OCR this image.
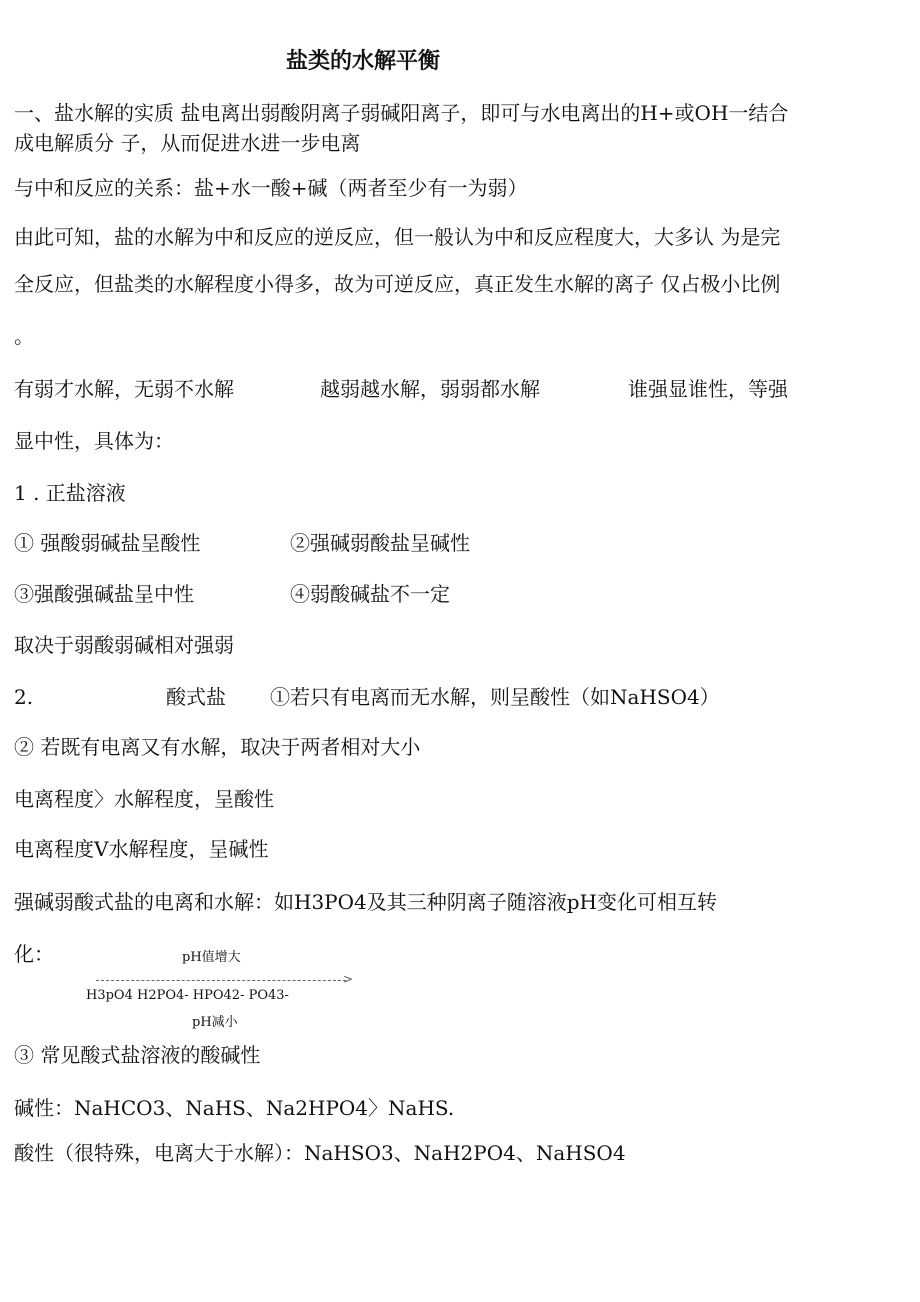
盐类的水解平衡
一、盐水解的实质 盐电离出弱酸阴离子弱碱阳离子，即可与水电离出的H+或OH一结合
成电解质分 子，从而促进水进一步电离
与中和反应的关系：盐+水一酸+碱（两者至少有一为弱）
由此可知，盐的水解为中和反应的逆反应，但一般认为中和反应程度大，大多认 为是完
全反应，但盐类的水解程度小得多，故为可逆反应，真正发生水解的离子 仅占极小比例
。
有弱才水解，无弱不水解	越弱越水解，弱弱都水解	谁强显谁性，等强
显中性，具体为：
1 . 正盐溶液
① 强酸弱碱盐呈酸性	②强碱弱酸盐呈碱性
③强酸强碱盐呈中性	④弱酸碱盐不一定
取决于弱酸弱碱相对强弱
2.	酸式盐 ①若只有电离而无水解，则呈酸性（如NaHSO4）
② 若既有电离又有水解，取决于两者相对大小
电离程度〉水解程度，呈酸性
电离程度V水解程度，呈碱性
强碱弱酸式盐的电离和水解：如H3PO4及其三种阴离子随溶液pH变化可相互转
化：	pH值增大
>
H3pO4 H2PO4- HPO42- PO43-
pH减小
③ 常见酸式盐溶液的酸碱性
碱性：NaHCO3、NaHS、Na2HPO4〉NaHS.
酸性（很特殊，电离大于水解）：NaHSO3、NaH2PO4、NaHSO4
